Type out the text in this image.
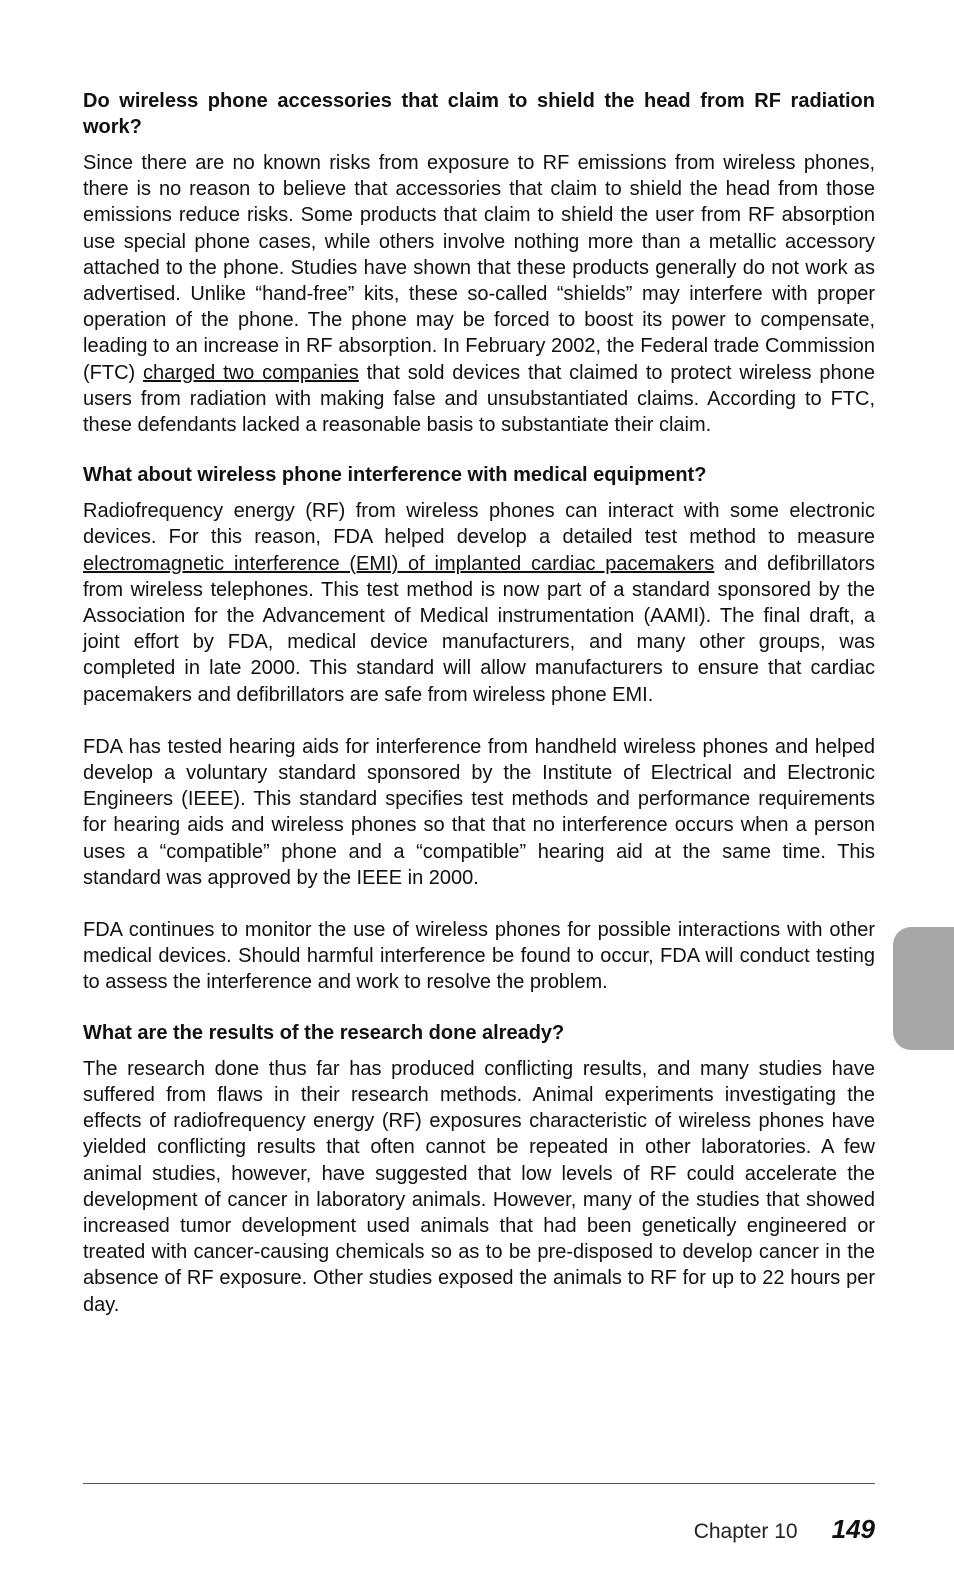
Do wireless phone accessories that claim to shield the head from RF radiation work?

Since there are no known risks from exposure to RF emissions from wireless phones, there is no reason to believe that accessories that claim to shield the head from those emissions reduce risks. Some products that claim to shield the user from RF absorption use special phone cases, while others involve nothing more than a metallic accessory attached to the phone. Studies have shown that these products generally do not work as advertised. Unlike “hand-free” kits, these so-called “shields” may interfere with proper operation of the phone. The phone may be forced to boost its power to compensate, leading to an increase in RF absorption. In February 2002, the Federal trade Commission (FTC) charged two companies that sold devices that claimed to protect wireless phone users from radiation with making false and unsubstantiated claims. According to FTC, these defendants lacked a reasonable basis to substantiate their claim.

What about wireless phone interference with medical equipment?

Radiofrequency energy (RF) from wireless phones can interact with some electronic devices. For this reason, FDA helped develop a detailed test method to measure electromagnetic interference (EMI) of implanted cardiac pacemakers and defibrillators from wireless telephones. This test method is now part of a standard sponsored by the Association for the Advancement of Medical instrumentation (AAMI). The final draft, a joint effort by FDA, medical device manufacturers, and many other groups, was completed in late 2000. This standard will allow manufacturers to ensure that cardiac pacemakers and defibrillators are safe from wireless phone EMI.

FDA has tested hearing aids for interference from handheld wireless phones and helped develop a voluntary standard sponsored by the Institute of Electrical and Electronic Engineers (IEEE). This standard specifies test methods and performance requirements for hearing aids and wireless phones so that that no interference occurs when a person uses a “compatible” phone and a “compatible” hearing aid at the same time. This standard was approved by the IEEE in 2000.

FDA continues to monitor the use of wireless phones for possible interactions with other medical devices. Should harmful interference be found to occur, FDA will conduct testing to assess the interference and work to resolve the problem.

What are the results of the research done already?

The research done thus far has produced conflicting results, and many studies have suffered from flaws in their research methods. Animal experiments investigating the effects of radiofrequency energy (RF) exposures characteristic of wireless phones have yielded conflicting results that often cannot be repeated in other laboratories. A few animal studies, however, have suggested that low levels of RF could accelerate the development of cancer in laboratory animals. However, many of the studies that showed increased tumor development used animals that had been genetically engineered or treated with cancer-causing chemicals so as to be pre-disposed to develop cancer in the absence of RF exposure. Other studies exposed the animals to RF for up to 22 hours per day.

Chapter 10 149
